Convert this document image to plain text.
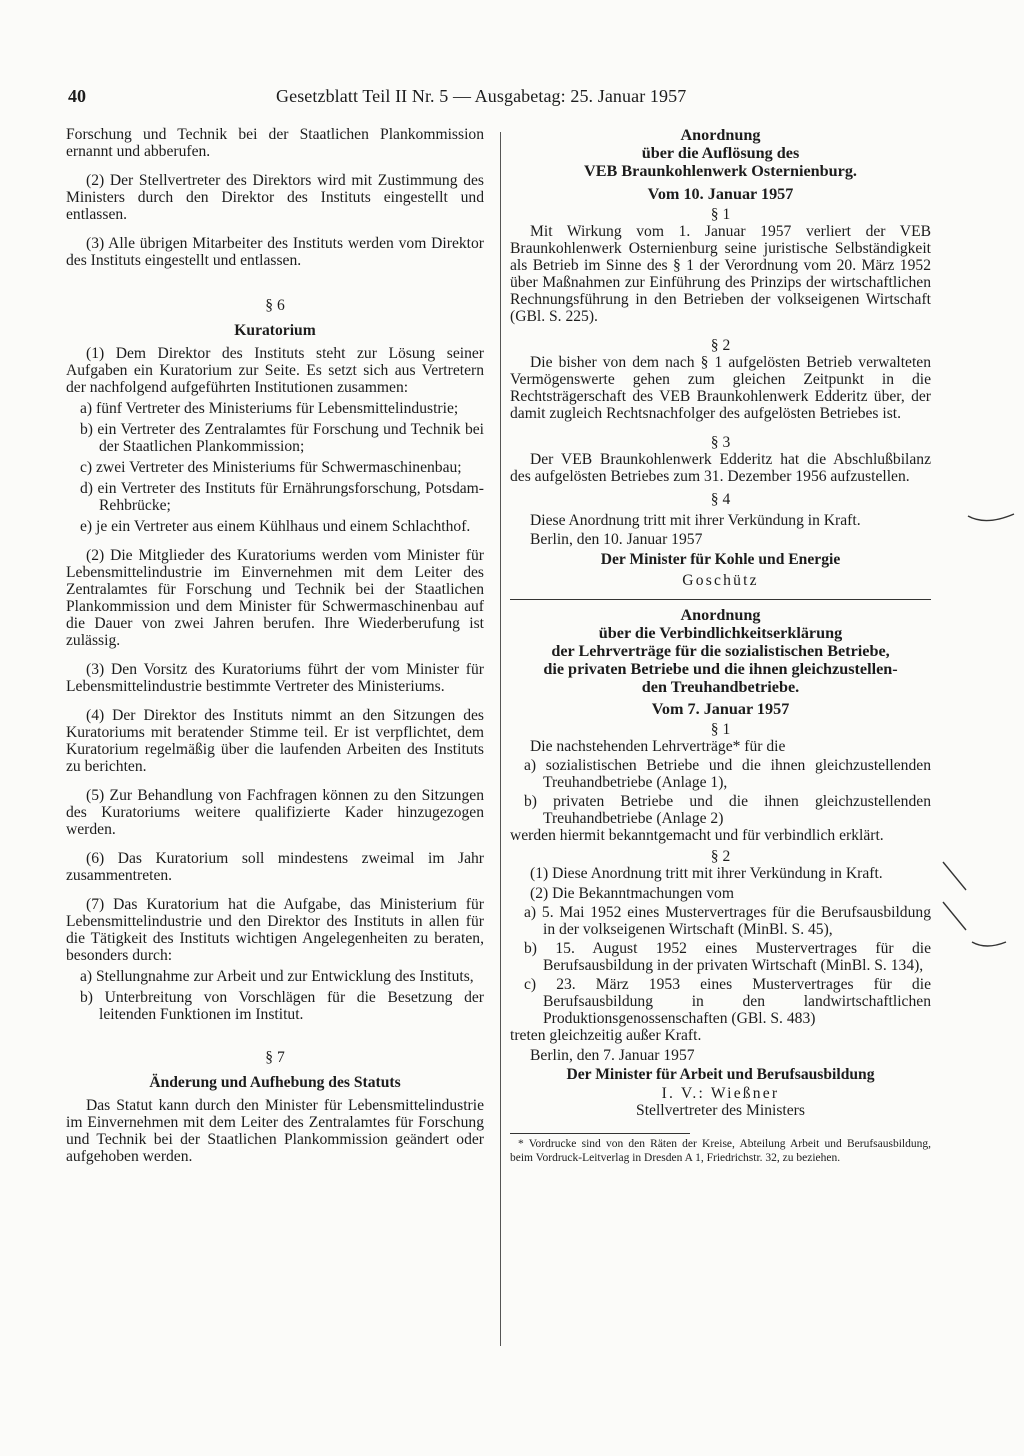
40	Gesetzblatt Teil II Nr. 5 — Ausgabetag: 25. Januar 1957

Forschung und Technik bei der Staatlichen Plankommission ernannt und abberufen.

(2) Der Stellvertreter des Direktors wird mit Zustimmung des Ministers durch den Direktor des Instituts eingestellt und entlassen.

(3) Alle übrigen Mitarbeiter des Instituts werden vom Direktor des Instituts eingestellt und entlassen.

§ 6

Kuratorium

(1) Dem Direktor des Instituts steht zur Lösung seiner Aufgaben ein Kuratorium zur Seite. Es setzt sich aus Vertretern der nachfolgend aufgeführten Institutionen zusammen:

a) fünf Vertreter des Ministeriums für Lebensmittelindustrie;

b) ein Vertreter des Zentralamtes für Forschung und Technik bei der Staatlichen Plankommission;

c) zwei Vertreter des Ministeriums für Schwermaschinenbau;

d) ein Vertreter des Instituts für Ernährungsforschung, Potsdam-Rehbrücke;

e) je ein Vertreter aus einem Kühlhaus und einem Schlachthof.

(2) Die Mitglieder des Kuratoriums werden vom Minister für Lebensmittelindustrie im Einvernehmen mit dem Leiter des Zentralamtes für Forschung und Technik bei der Staatlichen Plankommission und dem Minister für Schwermaschinenbau auf die Dauer von zwei Jahren berufen. Ihre Wiederberufung ist zulässig.

(3) Den Vorsitz des Kuratoriums führt der vom Minister für Lebensmittelindustrie bestimmte Vertreter des Ministeriums.

(4) Der Direktor des Instituts nimmt an den Sitzungen des Kuratoriums mit beratender Stimme teil. Er ist verpflichtet, dem Kuratorium regelmäßig über die laufenden Arbeiten des Instituts zu berichten.

(5) Zur Behandlung von Fachfragen können zu den Sitzungen des Kuratoriums weitere qualifizierte Kader hinzugezogen werden.

(6) Das Kuratorium soll mindestens zweimal im Jahr zusammentreten.

(7) Das Kuratorium hat die Aufgabe, das Ministerium für Lebensmittelindustrie und den Direktor des Instituts in allen für die Tätigkeit des Instituts wichtigen Angelegenheiten zu beraten, besonders durch:

a) Stellungnahme zur Arbeit und zur Entwicklung des Instituts,

b) Unterbreitung von Vorschlägen für die Besetzung der leitenden Funktionen im Institut.

§ 7

Änderung und Aufhebung des Statuts

Das Statut kann durch den Minister für Lebensmittelindustrie im Einvernehmen mit dem Leiter des Zentralamtes für Forschung und Technik bei der Staatlichen Plankommission geändert oder aufgehoben werden.

Anordnung
über die Auflösung des
VEB Braunkohlenwerk Osternienburg.

Vom 10. Januar 1957

§ 1

Mit Wirkung vom 1. Januar 1957 verliert der VEB Braunkohlenwerk Osternienburg seine juristische Selbständigkeit als Betrieb im Sinne des § 1 der Verordnung vom 20. März 1952 über Maßnahmen zur Einführung des Prinzips der wirtschaftlichen Rechnungsführung in den Betrieben der volkseigenen Wirtschaft (GBl. S. 225).

§ 2

Die bisher von dem nach § 1 aufgelösten Betrieb verwalteten Vermögenswerte gehen zum gleichen Zeitpunkt in die Rechtsträgerschaft des VEB Braunkohlenwerk Edderitz über, der damit zugleich Rechtsnachfolger des aufgelösten Betriebes ist.

§ 3

Der VEB Braunkohlenwerk Edderitz hat die Abschlußbilanz des aufgelösten Betriebes zum 31. Dezember 1956 aufzustellen.

§ 4

Diese Anordnung tritt mit ihrer Verkündung in Kraft.

Berlin, den 10. Januar 1957

Der Minister für Kohle und Energie

Goschütz

Anordnung
über die Verbindlichkeitserklärung
der Lehrverträge für die sozialistischen Betriebe,
die privaten Betriebe und die ihnen gleichzustellen-
den Treuhandbetriebe.

Vom 7. Januar 1957

§ 1

Die nachstehenden Lehrverträge* für die

a) sozialistischen Betriebe und die ihnen gleichzustellenden Treuhandbetriebe (Anlage 1),

b) privaten Betriebe und die ihnen gleichzustellenden Treuhandbetriebe (Anlage 2)

werden hiermit bekanntgemacht und für verbindlich erklärt.

§ 2

(1) Diese Anordnung tritt mit ihrer Verkündung in Kraft.

(2) Die Bekanntmachungen vom

a) 5. Mai 1952 eines Mustervertrages für die Berufsausbildung in der volkseigenen Wirtschaft (MinBl. S. 45),

b) 15. August 1952 eines Mustervertrages für die Berufsausbildung in der privaten Wirtschaft (MinBl. S. 134),

c) 23. März 1953 eines Mustervertrages für die Berufsausbildung in den landwirtschaftlichen Produktionsgenossenschaften (GBl. S. 483)

treten gleichzeitig außer Kraft.

Berlin, den 7. Januar 1957

Der Minister für Arbeit und Berufsausbildung

I. V.: Wießner

Stellvertreter des Ministers

* Vordrucke sind von den Räten der Kreise, Abteilung Arbeit und Berufsausbildung, beim Vordruck-Leitverlag in Dresden A 1, Friedrichstr. 32, zu beziehen.
